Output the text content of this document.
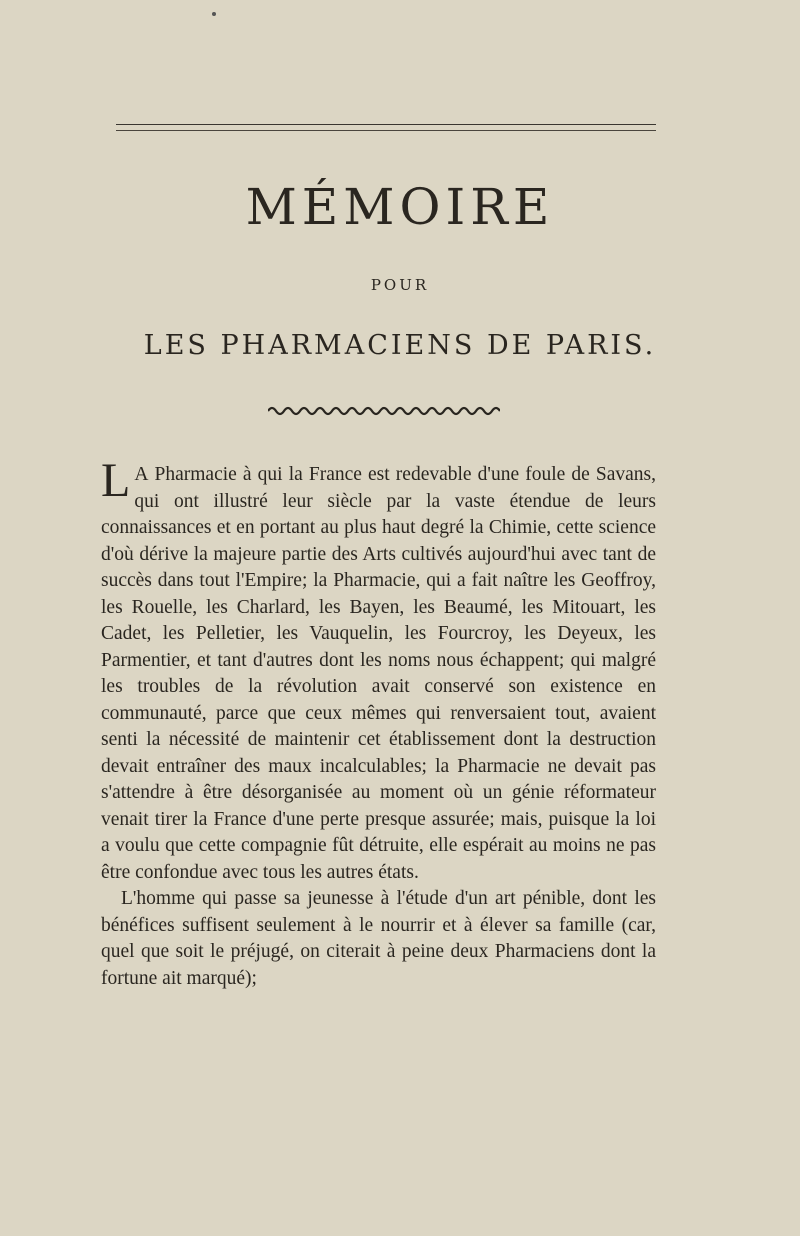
MÉMOIRE
POUR
LES PHARMACIENS DE PARIS.

L A Pharmacie à qui la France est redevable d'une foule de Savans, qui ont illustré leur siècle par la vaste étendue de leurs connaissances et en portant au plus haut degré la Chimie, cette science d'où dérive la majeure partie des Arts cultivés aujourd'hui avec tant de succès dans tout l'Empire; la Pharmacie, qui a fait naître les Geoffroy, les Rouelle, les Charlard, les Bayen, les Beaumé, les Mitouart, les Cadet, les Pelletier, les Vauquelin, les Fourcroy, les Deyeux, les Parmentier, et tant d'autres dont les noms nous échappent; qui malgré les troubles de la révolution avait conservé son existence en communauté, parce que ceux mêmes qui renversaient tout, avaient senti la nécessité de maintenir cet établissement dont la destruction devait entraîner des maux incalculables; la Pharmacie ne devait pas s'attendre à être désorganisée au moment où un génie réformateur venait tirer la France d'une perte presque assurée; mais, puisque la loi a voulu que cette compagnie fût détruite, elle espérait au moins ne pas être confondue avec tous les autres états.

L'homme qui passe sa jeunesse à l'étude d'un art pénible, dont les bénéfices suffisent seulement à le nourrir et à élever sa famille (car, quel que soit le préjugé, on citerait à peine deux Pharmaciens dont la fortune ait marqué);
